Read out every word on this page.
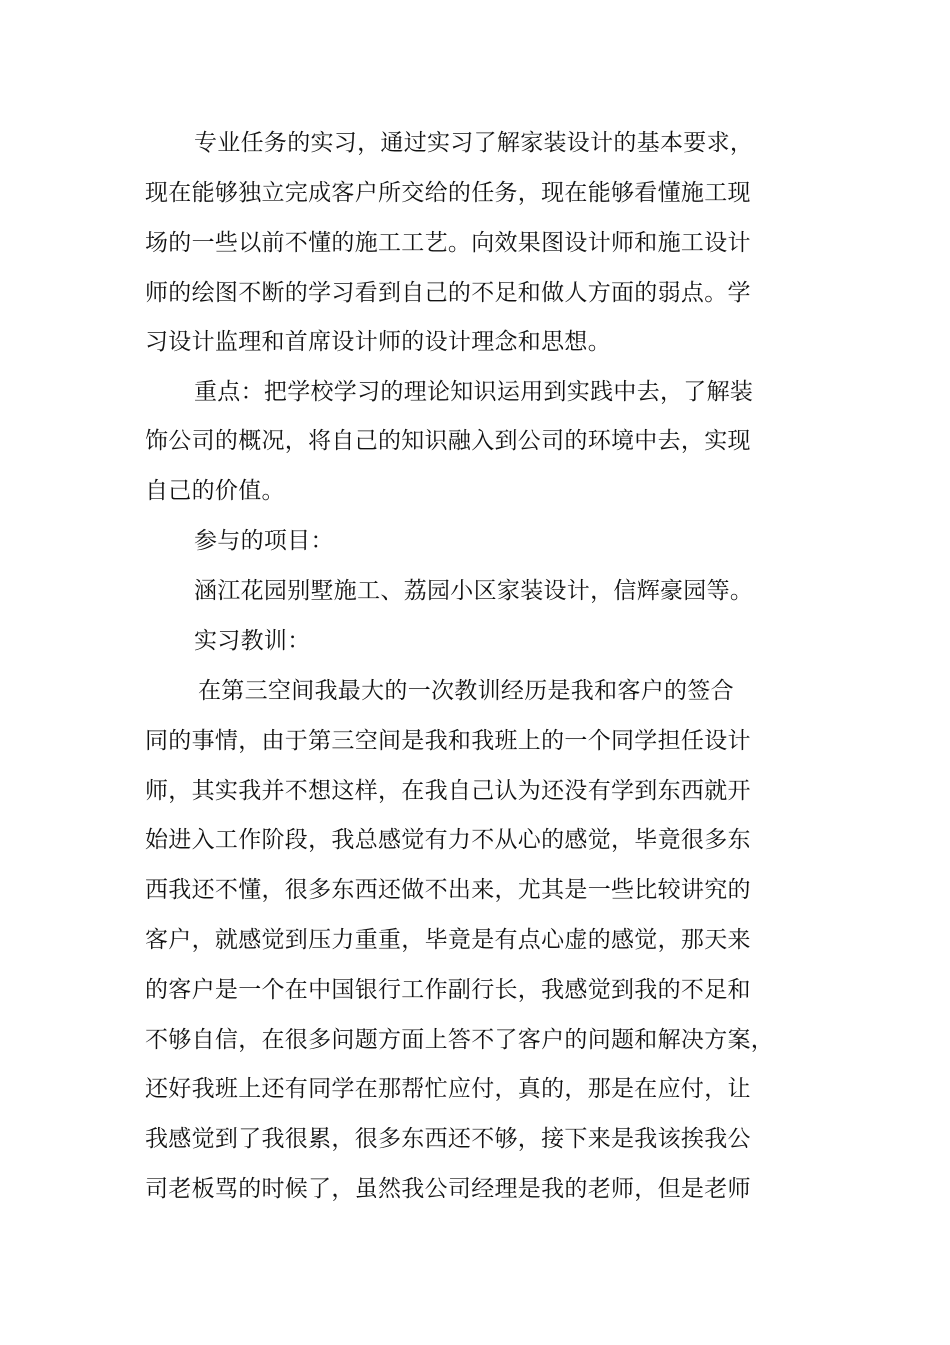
专业任务的实习，通过实习了解家装设计的基本要求，
现在能够独立完成客户所交给的任务，现在能够看懂施工现
场的一些以前不懂的施工工艺。向效果图设计师和施工设计
师的绘图不断的学习看到自己的不足和做人方面的弱点。学
习设计监理和首席设计师的设计理念和思想。
重点：把学校学习的理论知识运用到实践中去，了解装
饰公司的概况，将自己的知识融入到公司的环境中去，实现
自己的价值。
参与的项目：
涵江花园别墅施工、荔园小区家装设计，信辉豪园等。
实习教训：
在第三空间我最大的一次教训经历是我和客户的签合
同的事情，由于第三空间是我和我班上的一个同学担任设计
师，其实我并不想这样，在我自己认为还没有学到东西就开
始进入工作阶段，我总感觉有力不从心的感觉，毕竟很多东
西我还不懂，很多东西还做不出来，尤其是一些比较讲究的
客户，就感觉到压力重重，毕竟是有点心虚的感觉，那天来
的客户是一个在中国银行工作副行长，我感觉到我的不足和
不够自信，在很多问题方面上答不了客户的问题和解决方案，
还好我班上还有同学在那帮忙应付，真的，那是在应付，让
我感觉到了我很累，很多东西还不够，接下来是我该挨我公
司老板骂的时候了，虽然我公司经理是我的老师，但是老师
